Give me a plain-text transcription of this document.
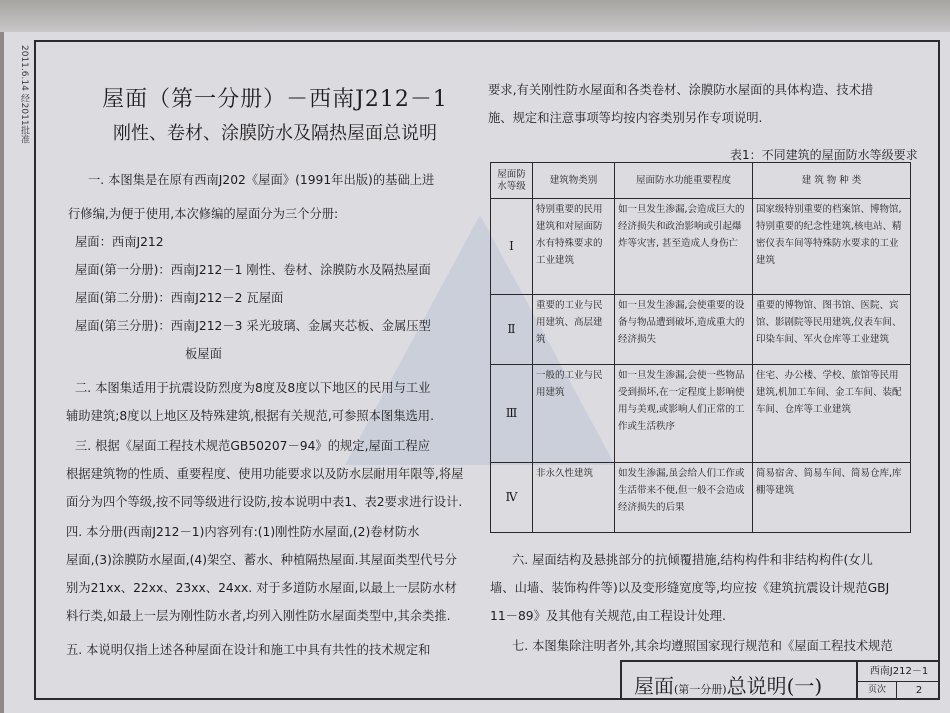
2011.6.14 经2011批准	屋面（第一分册）－西南J212－1
刚性、卷材、涂膜防水及隔热屋面总说明
一. 本图集是在原有西南J202《屋面》(1991年出版)的基础上进
行修编,为便于使用,本次修编的屋面分为三个分册:
屋面：西南J212
屋面(第一分册)：西南J212－1 刚性、卷材、涂膜防水及隔热屋面
屋面(第二分册)：西南J212－2 瓦屋面
屋面(第三分册)：西南J212－3 采光玻璃、金属夹芯板、金属压型
板屋面
二. 本图集适用于抗震设防烈度为8度及8度以下地区的民用与工业
辅助建筑;8度以上地区及特殊建筑,根据有关规范,可参照本图集选用.
三. 根据《屋面工程技术规范GB50207－94》的规定,屋面工程应
根据建筑物的性质、重要程度、使用功能要求以及防水层耐用年限等,将屋
面分为四个等级,按不同等级进行设防,按本说明中表1、表2要求进行设计.
四. 本分册(西南J212－1)内容列有:(1)刚性防水屋面,(2)卷材防水
屋面,(3)涂膜防水屋面,(4)架空、蓄水、种植隔热屋面.其屋面类型代号分
别为21xx、22xx、23xx、24xx. 对于多道防水屋面,以最上一层防水材
料行类,如最上一层为刚性防水者,均列入刚性防水屋面类型中,其余类推.
五. 本说明仅指上述各种屋面在设计和施工中具有共性的技术规定和
要求,有关刚性防水屋面和各类卷材、涂膜防水屋面的具体构造、技术措
施、规定和注意事项等均按内容类别另作专项说明.
表1：不同建筑的屋面防水等级要求
屋面防水等级	建筑物类别	屋面防水功能重要程度	建 筑 物 种 类
Ⅰ	特别重要的民用建筑和对屋面防水有特殊要求的工业建筑	如一旦发生渗漏,会造成巨大的经济损失和政治影响或引起爆炸等灾害, 甚至造成人身伤亡	国家级特别重要的档案馆、博物馆,特别重要的纪念性建筑,核电站、精密仪表车间等特殊防水要求的工业建筑
Ⅱ	重要的工业与民用建筑、高层建筑	如一旦发生渗漏,会使重要的设备与物品遭到破坏,造成重大的经济损失	重要的博物馆、图书馆、医院、宾馆、影剧院等民用建筑,仪表车间、印染车间、军火仓库等工业建筑
Ⅲ	一般的工业与民用建筑	如一旦发生渗漏,会使一些物品受到损坏,在一定程度上影响使用与美观,或影响人们正常的工作或生活秩序	住宅、办公楼、学校、旅馆等民用建筑,机加工车间、金工车间、装配车间、仓库等工业建筑
Ⅳ	非永久性建筑	如发生渗漏,虽会给人们工作或生活带来不便,但一般不会造成经济损失的后果	简易宿舍、简易车间、简易仓库,库棚等建筑
六. 屋面结构及悬挑部分的抗倾覆措施,结构构件和非结构构件(女儿
墙、山墙、装饰构件等)以及变形缝宽度等,均应按《建筑抗震设计规范GBJ
11－89》及其他有关规范,由工程设计处理.
七. 本图集除注明者外,其余均遵照国家现行规范和《屋面工程技术规范
屋面(第一分册)总说明(一)
西南J212－1
页次	2
